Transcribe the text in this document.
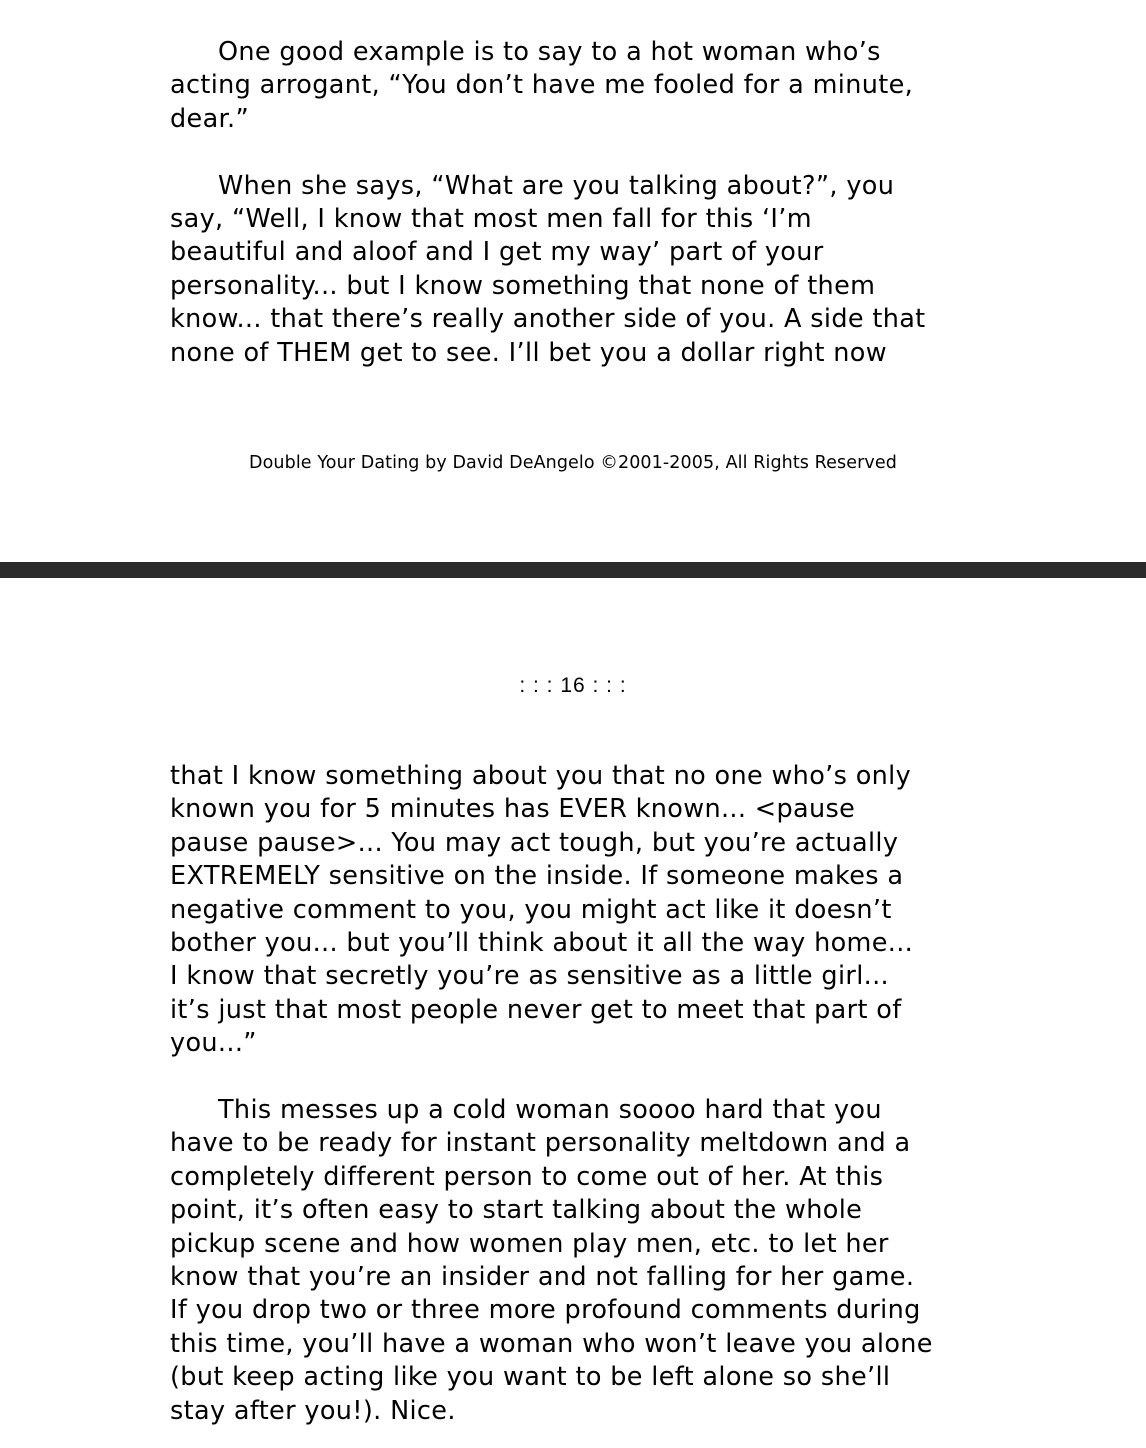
One good example is to say to a hot woman who’s
acting arrogant, “You don’t have me fooled for a minute,
dear.”

When she says, “What are you talking about?”, you
say, “Well, I know that most men fall for this ‘I’m
beautiful and aloof and I get my way’ part of your
personality... but I know something that none of them
know... that there’s really another side of you. A side that
none of THEM get to see. I’ll bet you a dollar right now

Double Your Dating by David DeAngelo ©2001-2005, All Rights Reserved
: : : 16 : : :

that I know something about you that no one who’s only
known you for 5 minutes has EVER known... <pause
pause pause>... You may act tough, but you’re actually
EXTREMELY sensitive on the inside. If someone makes a
negative comment to you, you might act like it doesn’t
bother you... but you’ll think about it all the way home...
I know that secretly you’re as sensitive as a little girl...
it’s just that most people never get to meet that part of
you...”

This messes up a cold woman soooo hard that you
have to be ready for instant personality meltdown and a
completely different person to come out of her. At this
point, it’s often easy to start talking about the whole
pickup scene and how women play men, etc. to let her
know that you’re an insider and not falling for her game.
If you drop two or three more profound comments during
this time, you’ll have a woman who won’t leave you alone
(but keep acting like you want to be left alone so she’ll
stay after you!). Nice.
